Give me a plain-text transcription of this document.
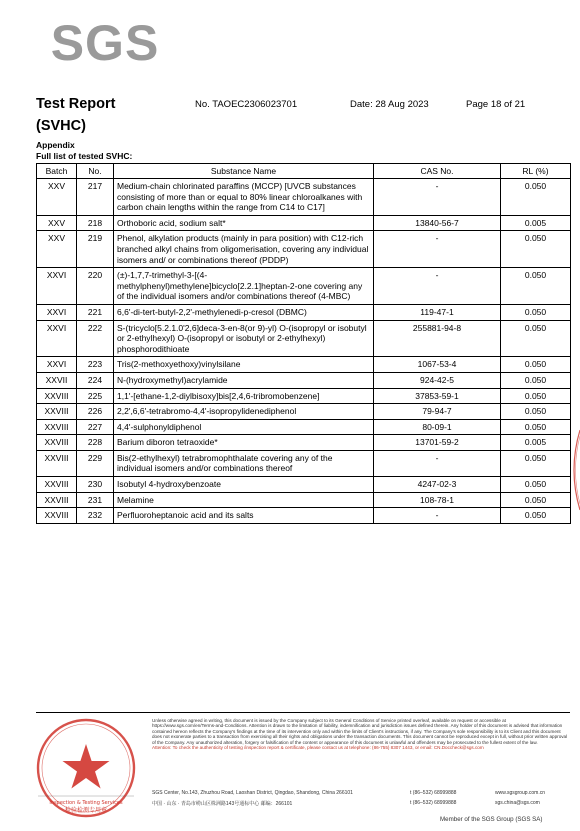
SGS
Test Report
(SVHC)
No. TAOEC2306023701	Date: 28 Aug 2023	Page 18 of 21
Appendix
Full list of tested SVHC:
Batch	No.	Substance Name	CAS No.	RL (%)
XXV	217	Medium-chain chlorinated paraffins (MCCP) [UVCB substances consisting of more than or equal to 80% linear chloroalkanes with carbon chain lengths within the range from C14 to C17]	-	0.050
XXV	218	Orthoboric acid, sodium salt*	13840-56-7	0.005
XXV	219	Phenol, alkylation products (mainly in para position) with C12-rich branched alkyl chains from oligomerisation, covering any individual isomers and/ or combinations thereof (PDDP)	-	0.050
XXVI	220	(±)-1,7,7-trimethyl-3-[(4-methylphenyl)methylene]bicyclo[2.2.1]heptan-2-one covering any of the individual isomers and/or combinations thereof (4-MBC)	-	0.050
XXVI	221	6,6'-di-tert-butyl-2,2'-methylenedi-p-cresol (DBMC)	119-47-1	0.050
XXVI	222	S-(tricyclo[5.2.1.0'2,6]deca-3-en-8(or 9)-yl) O-(isopropyl or isobutyl or 2-ethylhexyl) O-(isopropyl or isobutyl or 2-ethylhexyl) phosphorodithioate	255881-94-8	0.050
XXVI	223	Tris(2-methoxyethoxy)vinylsilane	1067-53-4	0.050
XXVII	224	N-(hydroxymethyl)acrylamide	924-42-5	0.050
XXVIII	225	1,1'-[ethane-1,2-diylbisoxy]bis[2,4,6-tribromobenzene]	37853-59-1	0.050
XXVIII	226	2,2',6,6'-tetrabromo-4,4'-isopropylidenediphenol	79-94-7	0.050
XXVIII	227	4,4'-sulphonyldiphenol	80-09-1	0.050
XXVIII	228	Barium diboron tetraoxide*	13701-59-2	0.005
XXVIII	229	Bis(2-ethylhexyl) tetrabromophthalate covering any of the individual isomers and/or combinations thereof	-	0.050
XXVIII	230	Isobutyl 4-hydroxybenzoate	4247-02-3	0.050
XXVIII	231	Melamine	108-78-1	0.050
XXVIII	232	Perfluoroheptanoic acid and its salts	-	0.050
Inspection & Testing Services
检验检测专用章
Unless otherwise agreed in writing, this document is issued by the Company subject to its General Conditions of Service printed overleaf, available on request or accessible at https://www.sgs.com/en/Terms-and-Conditions. Attention is drawn to the limitation of liability, indemnification and jurisdiction issues defined therein. Any holder of this document is advised that information contained hereon reflects the Company's findings at the time of its intervention only and within the limits of Client's instructions, if any. The Company's sole responsibility is to its Client and this document does not exonerate parties to a transaction from exercising all their rights and obligations under the transaction documents. This document cannot be reproduced except in full, without prior written approval of the Company. Any unauthorized alteration, forgery or falsification of the content or appearance of this document is unlawful and offenders may be prosecuted to the fullest extent of the law.
Attention: To check the authenticity of testing /inspection report & certificate, please contact us at telephone: (86-755) 8307 1443, or email: CN.Doccheck@sgs.com
SGS Center, No.143, Zhuzhou Road, Laoshan District, Qingdao, Shandong, China 266101
中国 · 山东 · 青岛市崂山区株洲路143号通标中心 邮编：266101
t (86–532) 68999888
t (86–532) 68999888
www.sgsgroup.com.cn
sgs.china@sgs.com
Member of the SGS Group (SGS SA)
